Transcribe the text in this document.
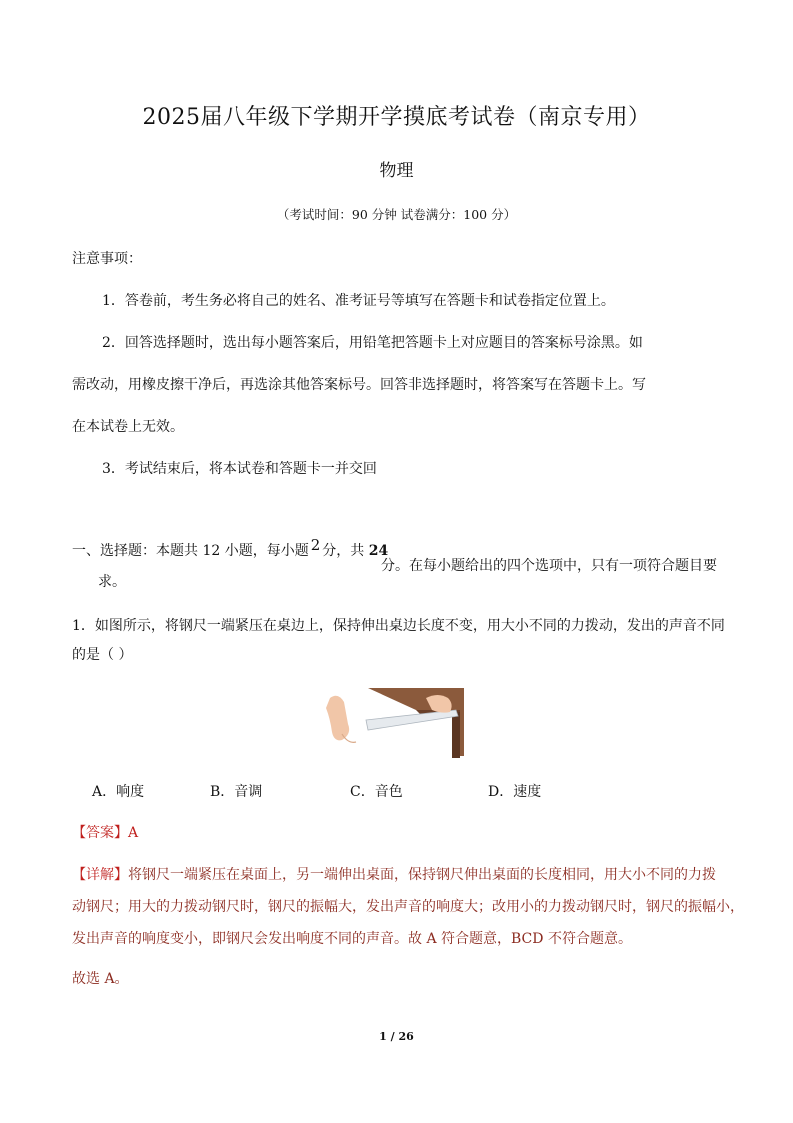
2025届八年级下学期开学摸底考试卷（南京专用）
物理
（考试时间：90 分钟 试卷满分：100 分）
注意事项：
1．答卷前，考生务必将自己的姓名、准考证号等填写在答题卡和试卷指定位置上。
2．回答选择题时，选出每小题答案后，用铅笔把答题卡上对应题目的答案标号涂黑。如
需改动，用橡皮擦干净后，再选涂其他答案标号。回答非选择题时，将答案写在答题卡上。写
在本试卷上无效。
3．考试结束后，将本试卷和答题卡一并交回
一、选择题：本题共 12 小题，每小题 2 分，共 24
分。在每小题给出的四个选项中，只有一项符合题目要
求。
1．如图所示，将钢尺一端紧压在桌边上，保持伸出桌边长度不变，用大小不同的力拨动，发出的声音不同
的是（ ）
A．响度	B．音调	C．音色	D．速度
【答案】A
【详解】将钢尺一端紧压在桌面上，另一端伸出桌面，保持钢尺伸出桌面的长度相同，用大小不同的力拨
动钢尺；用大的力拨动钢尺时，钢尺的振幅大，发出声音的响度大；改用小的力拨动钢尺时，钢尺的振幅小，
发出声音的响度变小，即钢尺会发出响度不同的声音。故 A 符合题意，BCD 不符合题意。
故选 A。
1 / 26
